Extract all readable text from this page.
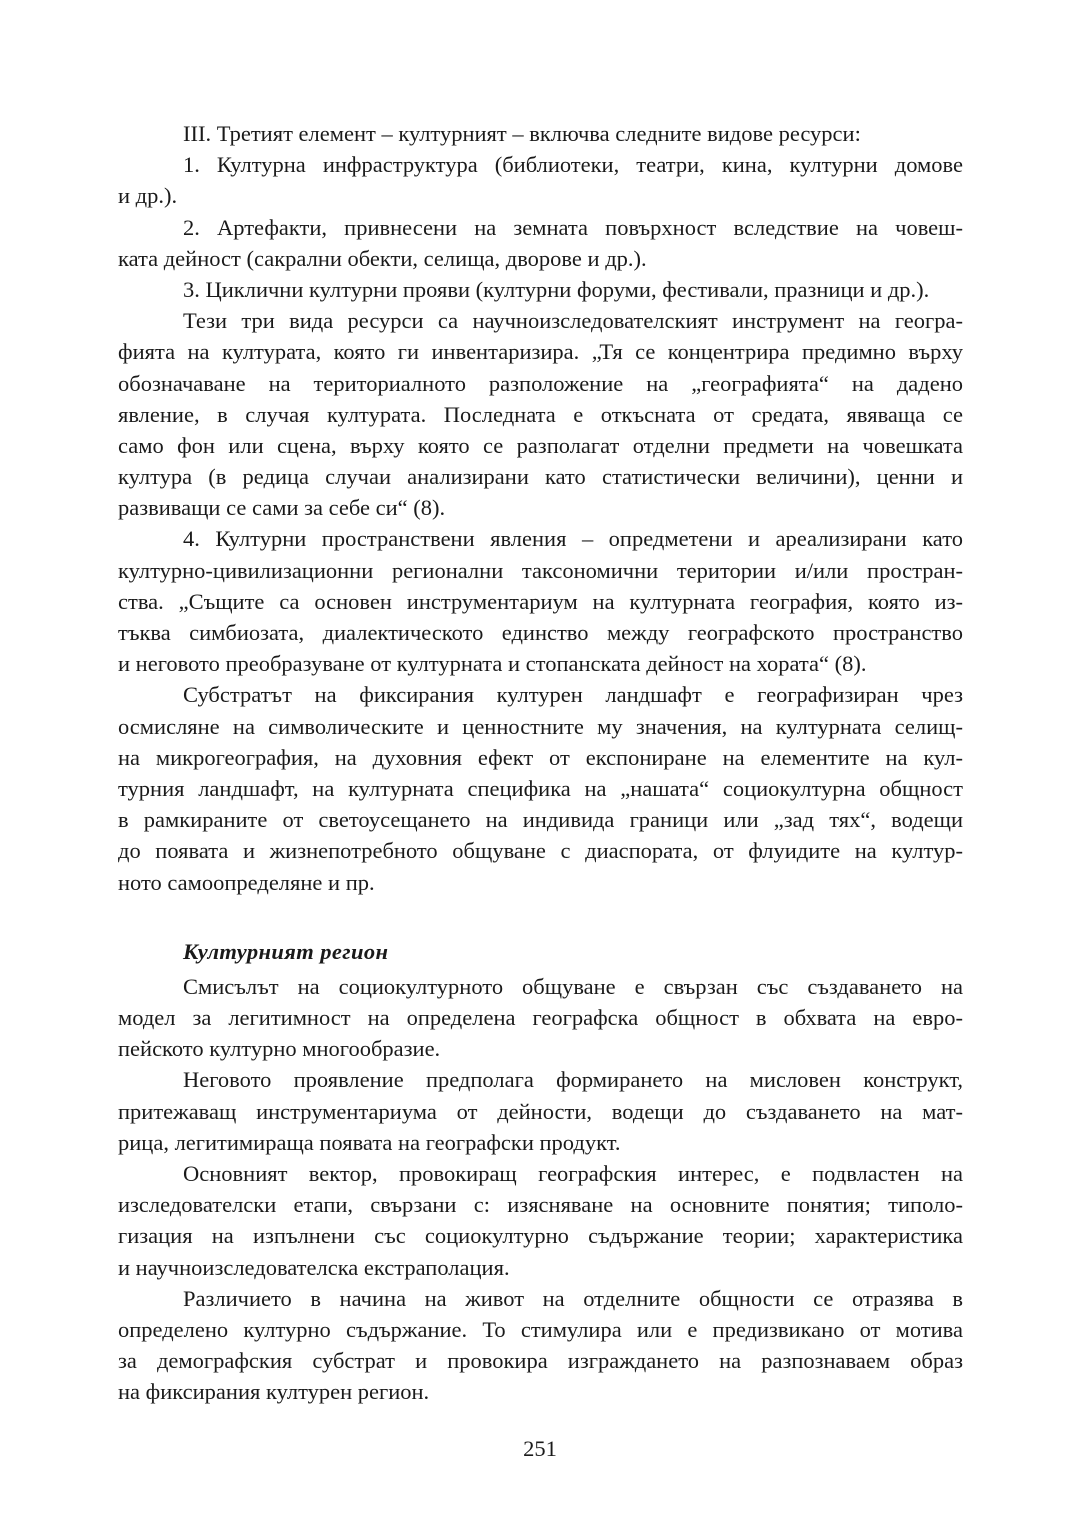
III. Третият елемент – културният – включва следните видове ресурси:
1. Културна инфраструктура (библиотеки, театри, кина, културни домове
и др.).
2. Артефакти, привнесени на земната повърхност вследствие на човеш-
ката дейност (сакрални обекти, селища, дворове и др.).
3. Циклични културни прояви (културни форуми, фестивали, празници и др.).
Тези три вида ресурси са научноизследователският инструмент на геогра-
фията на културата, която ги инвентаризира. „Тя се концентрира предимно върху
обозначаване на териториалното разположение на „географията“ на дадено
явление, в случая културата. Последната е откъсната от средата, явяваща се
само фон или сцена, върху която се разполагат отделни предмети на човешката
култура (в редица случаи анализирани като статистически величини), ценни и
развиващи се сами за себе си“ (8).
4. Културни пространствени явления – опредметени и ареализирани като
културно-цивилизационни регионални таксономични територии и/или простран-
ства. „Същите са основен инструментариум на културната география, която из-
тъква симбиозата, диалектическото единство между географското пространство
и неговото преобразуване от културната и стопанската дейност на хората“ (8).
Субстратът на фиксирания културен ландшафт е географизиран чрез
осмисляне на символическите и ценностните му значения, на културната селищ-
на микрогеография, на духовния ефект от експониране на елементите на кул-
турния ландшафт, на културната специфика на „нашата“ социокултурна общност
в рамкираните от светоусещането на индивида граници или „зад тях“, водещи
до появата и жизнепотребното общуване с диаспората, от флуидите на култур-
ното самоопределяне и пр.
Културният регион
Смисълът на социокултурното общуване е свързан със създаването на
модел за легитимност на определена географска общност в обхвата на евро-
пейското културно многообразие.
Неговото проявление предполага формирането на мисловен конструкт,
притежаващ инструментариума от дейности, водещи до създаването на мат-
рица, легитимираща появата на географски продукт.
Основният вектор, провокиращ географския интерес, е подвластен на
изследователски етапи, свързани с: изясняване на основните понятия; типоло-
гизация на изпълнени със социокултурно съдържание теории; характеристика
и научноизследователска екстраполация.
Различието в начина на живот на отделните общности се отразява в
определено културно съдържание. То стимулира или е предизвикано от мотива
за демографския субстрат и провокира изграждането на разпознаваем образ
на фиксирания културен регион.
251
